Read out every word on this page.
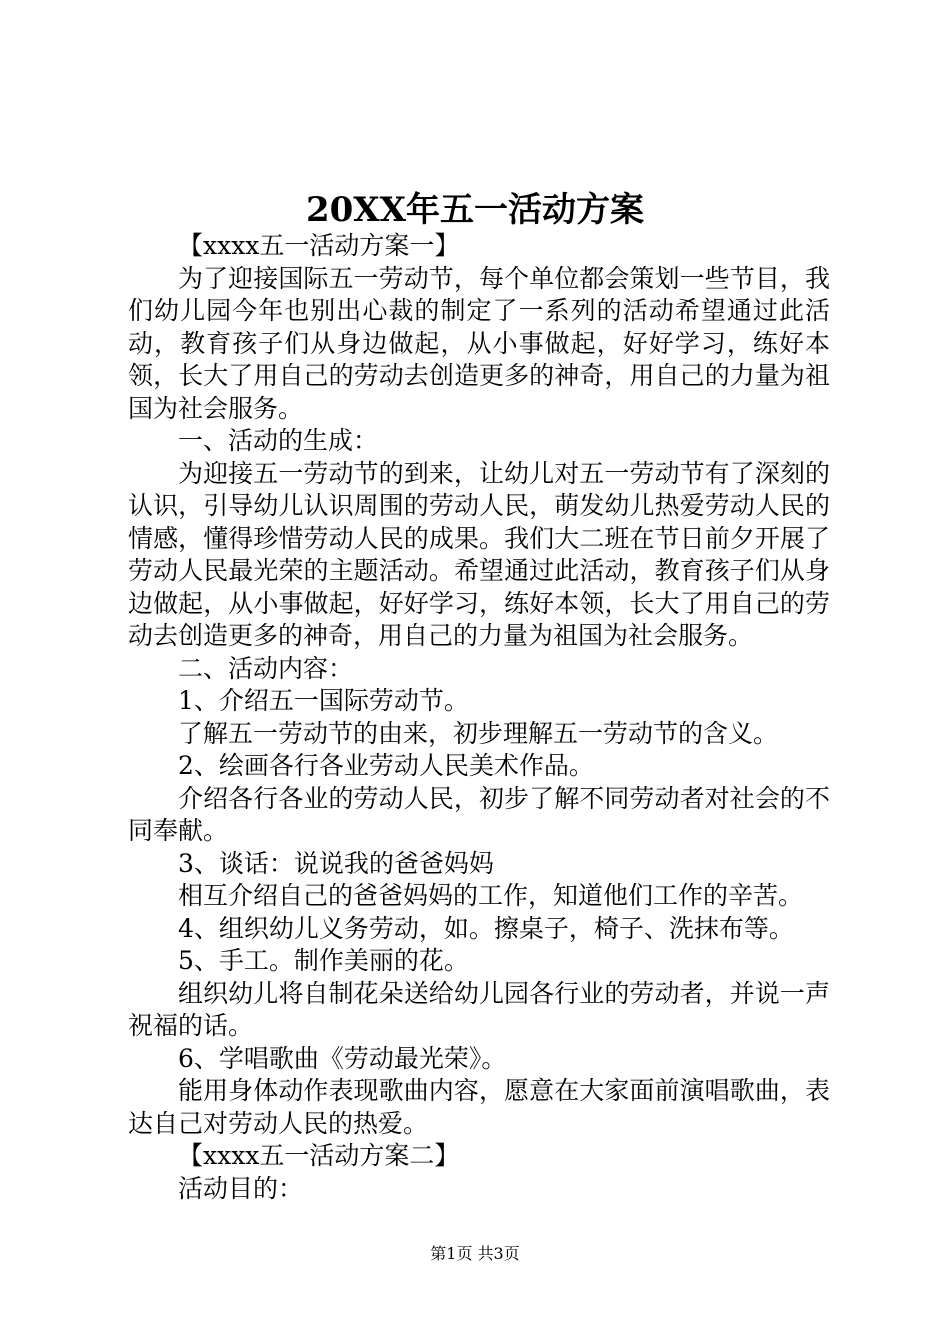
20XX年五一活动方案

【xxxx五一活动方案一】

为了迎接国际五一劳动节，每个单位都会策划一些节目，我们幼儿园今年也别出心裁的制定了一系列的活动希望通过此活动，教育孩子们从身边做起，从小事做起，好好学习，练好本领，长大了用自己的劳动去创造更多的神奇，用自己的力量为祖国为社会服务。

一、活动的生成：

为迎接五一劳动节的到来，让幼儿对五一劳动节有了深刻的认识，引导幼儿认识周围的劳动人民，萌发幼儿热爱劳动人民的情感，懂得珍惜劳动人民的成果。我们大二班在节日前夕开展了劳动人民最光荣的主题活动。希望通过此活动，教育孩子们从身边做起，从小事做起，好好学习，练好本领，长大了用自己的劳动去创造更多的神奇，用自己的力量为祖国为社会服务。

二、活动内容：

1、介绍五一国际劳动节。

了解五一劳动节的由来，初步理解五一劳动节的含义。

2、绘画各行各业劳动人民美术作品。

介绍各行各业的劳动人民，初步了解不同劳动者对社会的不同奉献。

3、谈话：说说我的爸爸妈妈

相互介绍自己的爸爸妈妈的工作，知道他们工作的辛苦。

4、组织幼儿义务劳动，如。擦桌子，椅子、洗抹布等。

5、手工。制作美丽的花。

组织幼儿将自制花朵送给幼儿园各行业的劳动者，并说一声祝福的话。

6、学唱歌曲《劳动最光荣》。

能用身体动作表现歌曲内容，愿意在大家面前演唱歌曲，表达自己对劳动人民的热爱。

【xxxx五一活动方案二】

活动目的：

第1页 共3页
